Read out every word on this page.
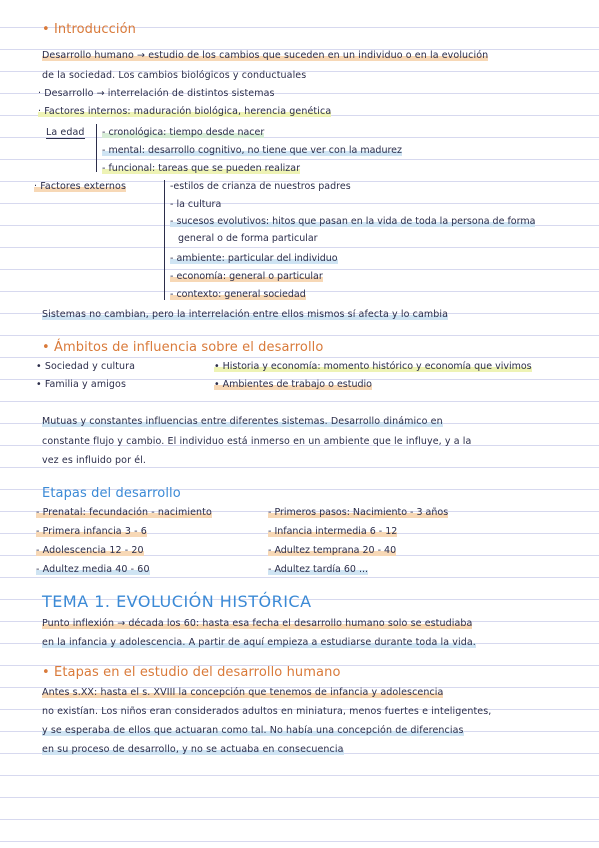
• Introducción
Desarrollo humano → estudio de los cambios que suceden en un individuo o en la evolución
de la sociedad. Los cambios biológicos y conductuales
· Desarrollo → interrelación de distintos sistemas
· Factores internos: maduración biológica, herencia genética
La edad - cronológica: tiempo desde nacer
- mental: desarrollo cognitivo, no tiene que ver con la madurez
- funcional: tareas que se pueden realizar
· Factores externos	-estilos de crianza de nuestros padres
- la cultura
- sucesos evolutivos: hitos que pasan en la vida de toda la persona de forma
general o de forma particular
- ambiente: particular del individuo
- economía: general o particular
- contexto: general sociedad
Sistemas no cambian, pero la interrelación entre ellos mismos sí afecta y lo cambia
• Ámbitos de influencia sobre el desarrollo
• Sociedad y cultura
• Familia y amigos
• Historia y economía: momento histórico y economía que vivimos
• Ambientes de trabajo o estudio
Mutuas y constantes influencias entre diferentes sistemas. Desarrollo dinámico en
constante flujo y cambio. El individuo está inmerso en un ambiente que le influye, y a la
vez es influido por él.
Etapas del desarrollo
- Prenatal: fecundación - nacimiento
- Primera infancia 3 - 6
- Adolescencia 12 - 20
- Adultez media 40 - 60
- Primeros pasos: Nacimiento - 3 años
- Infancia intermedia 6 - 12
- Adultez temprana 20 - 40
- Adultez tardía 60 ...
TEMA 1. EVOLUCIÓN HISTÓRICA
Punto inflexión → década los 60: hasta esa fecha el desarrollo humano solo se estudiaba
en la infancia y adolescencia. A partir de aquí empieza a estudiarse durante toda la vida.
• Etapas en el estudio del desarrollo humano
Antes s.XX: hasta el s. XVIII la concepción que tenemos de infancia y adolescencia
no existían. Los niños eran considerados adultos en miniatura, menos fuertes e inteligentes,
y se esperaba de ellos que actuaran como tal. No había una concepción de diferencias
en su proceso de desarrollo, y no se actuaba en consecuencia
